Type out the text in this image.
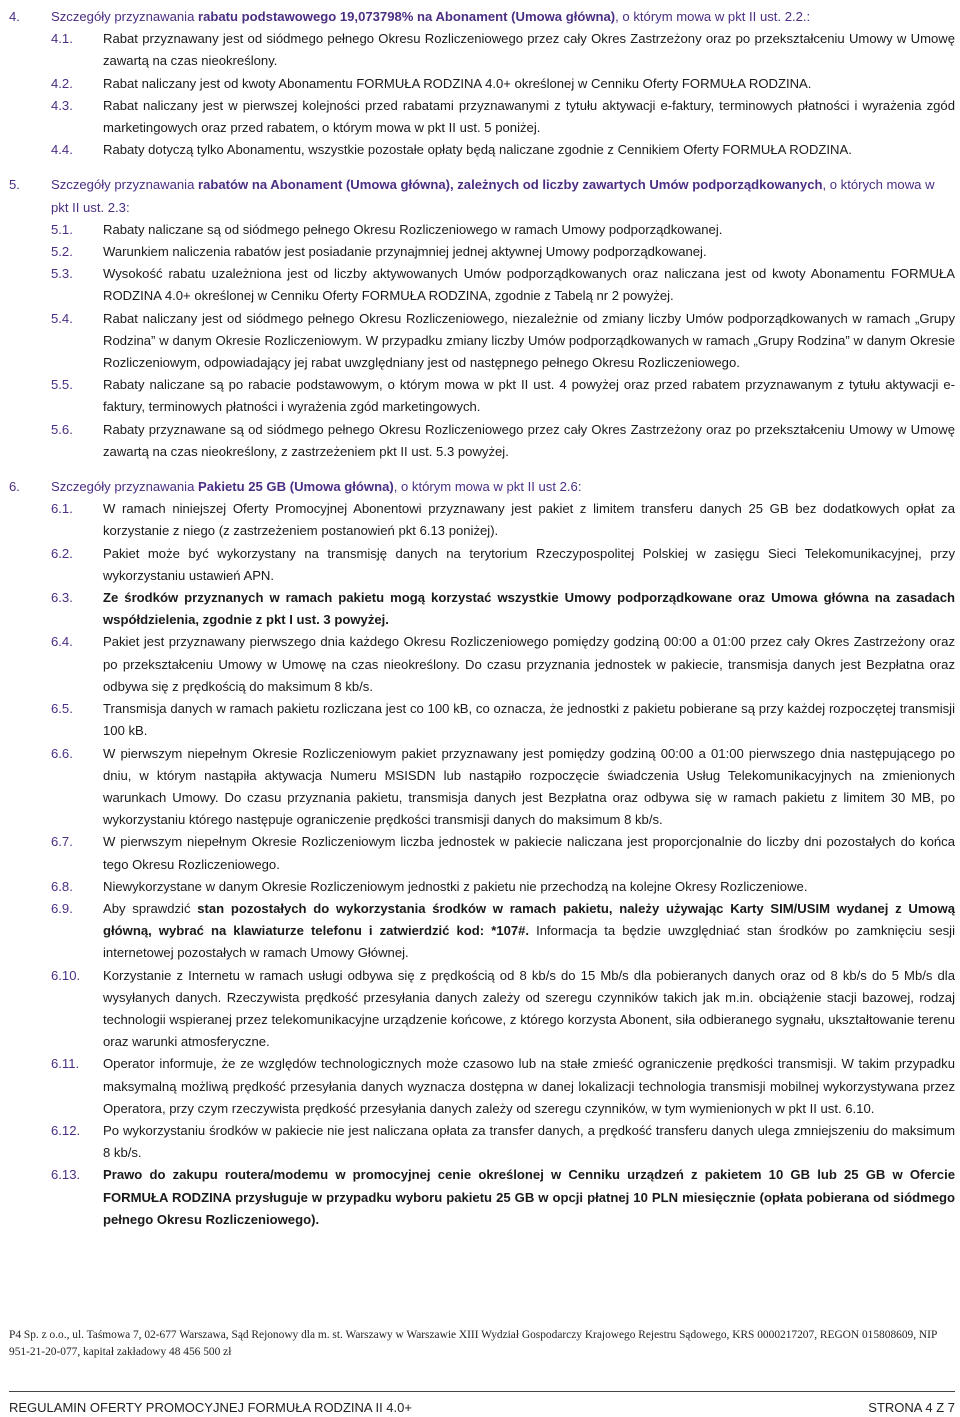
4. Szczegóły przyznawania rabatu podstawowego 19,073798% na Abonament (Umowa główna), o którym mowa w pkt II ust. 2.2.:
4.1. Rabat przyznawany jest od siódmego pełnego Okresu Rozliczeniowego przez cały Okres Zastrzeżony oraz po przekształceniu Umowy w Umowę zawartą na czas nieokreślony.
4.2. Rabat naliczany jest od kwoty Abonamentu FORMUŁA RODZINA 4.0+ określonej w Cenniku Oferty FORMUŁA RODZINA.
4.3. Rabat naliczany jest w pierwszej kolejności przed rabatami przyznawanymi z tytułu aktywacji e-faktury, terminowych płatności i wyrażenia zgód marketingowych oraz przed rabatem, o którym mowa w pkt II ust. 5 poniżej.
4.4. Rabaty dotyczą tylko Abonamentu, wszystkie pozostałe opłaty będą naliczane zgodnie z Cennikiem Oferty FORMUŁA RODZINA.
5. Szczegóły przyznawania rabatów na Abonament (Umowa główna), zależnych od liczby zawartych Umów podporządkowanych, o których mowa w pkt II ust. 2.3:
5.1. Rabaty naliczane są od siódmego pełnego Okresu Rozliczeniowego w ramach Umowy podporządkowanej.
5.2. Warunkiem naliczenia rabatów jest posiadanie przynajmniej jednej aktywnej Umowy podporządkowanej.
5.3. Wysokość rabatu uzależniona jest od liczby aktywowanych Umów podporządkowanych oraz naliczana jest od kwoty Abonamentu FORMUŁA RODZINA 4.0+ określonej w Cenniku Oferty FORMUŁA RODZINA, zgodnie z Tabelą nr 2 powyżej.
5.4. Rabat naliczany jest od siódmego pełnego Okresu Rozliczeniowego, niezależnie od zmiany liczby Umów podporządkowanych w ramach „Grupy Rodzina” w danym Okresie Rozliczeniowym. W przypadku zmiany liczby Umów podporządkowanych w ramach „Grupy Rodzina” w danym Okresie Rozliczeniowym, odpowiadający jej rabat uwzględniany jest od następnego pełnego Okresu Rozliczeniowego.
5.5. Rabaty naliczane są po rabacie podstawowym, o którym mowa w pkt II ust. 4 powyżej oraz przed rabatem przyznawanym z tytułu aktywacji e-faktury, terminowych płatności i wyrażenia zgód marketingowych.
5.6. Rabaty przyznawane są od siódmego pełnego Okresu Rozliczeniowego przez cały Okres Zastrzeżony oraz po przekształceniu Umowy w Umowę zawartą na czas nieokreślony, z zastrzeżeniem pkt II ust. 5.3 powyżej.
6. Szczegóły przyznawania Pakietu 25 GB (Umowa główna), o którym mowa w pkt II ust 2.6:
6.1. W ramach niniejszej Oferty Promocyjnej Abonentowi przyznawany jest pakiet z limitem transferu danych 25 GB bez dodatkowych opłat za korzystanie z niego (z zastrzeżeniem postanowień pkt 6.13 poniżej).
6.2. Pakiet może być wykorzystany na transmisję danych na terytorium Rzeczypospolitej Polskiej w zasięgu Sieci Telekomunikacyjnej, przy wykorzystaniu ustawień APN.
6.3. Ze środków przyznanych w ramach pakietu mogą korzystać wszystkie Umowy podporządkowane oraz Umowa główna na zasadach współdzielenia, zgodnie z pkt I ust. 3 powyżej.
6.4. Pakiet jest przyznawany pierwszego dnia każdego Okresu Rozliczeniowego pomiędzy godziną 00:00 a 01:00 przez cały Okres Zastrzeżony oraz po przekształceniu Umowy w Umowę na czas nieokreślony. Do czasu przyznania jednostek w pakiecie, transmisja danych jest Bezpłatna oraz odbywa się z prędkością do maksimum 8 kb/s.
6.5. Transmisja danych w ramach pakietu rozliczana jest co 100 kB, co oznacza, że jednostki z pakietu pobierane są przy każdej rozpoczętej transmisji 100 kB.
6.6. W pierwszym niepełnym Okresie Rozliczeniowym pakiet przyznawany jest pomiędzy godziną 00:00 a 01:00 pierwszego dnia następującego po dniu, w którym nastąpiła aktywacja Numeru MSISDN lub nastąpiło rozpoczęcie świadczenia Usług Telekomunikacyjnych na zmienionych warunkach Umowy. Do czasu przyznania pakietu, transmisja danych jest Bezpłatna oraz odbywa się w ramach pakietu z limitem 30 MB, po wykorzystaniu którego następuje ograniczenie prędkości transmisji danych do maksimum 8 kb/s.
6.7. W pierwszym niepełnym Okresie Rozliczeniowym liczba jednostek w pakiecie naliczana jest proporcjonalnie do liczby dni pozostałych do końca tego Okresu Rozliczeniowego.
6.8. Niewykorzystane w danym Okresie Rozliczeniowym jednostki z pakietu nie przechodzą na kolejne Okresy Rozliczeniowe.
6.9. Aby sprawdzić stan pozostałych do wykorzystania środków w ramach pakietu, należy używając Karty SIM/USIM wydanej z Umową główną, wybrać na klawiaturze telefonu i zatwierdzić kod: *107#. Informacja ta będzie uwzględniać stan środków po zamknięciu sesji internetowej pozostałych w ramach Umowy Głównej.
6.10. Korzystanie z Internetu w ramach usługi odbywa się z prędkością od 8 kb/s do 15 Mb/s dla pobieranych danych oraz od 8 kb/s do 5 Mb/s dla wysyłanych danych. Rzeczywista prędkość przesyłania danych zależy od szeregu czynników takich jak m.in. obciążenie stacji bazowej, rodzaj technologii wspieranej przez telekomunikacyjne urządzenie końcowe, z którego korzysta Abonent, siła odbieranego sygnału, ukształtowanie terenu oraz warunki atmosferyczne.
6.11. Operator informuje, że ze względów technologicznych może czasowo lub na stałe zmieść ograniczenie prędkości transmisji. W takim przypadku maksymalną możliwą prędkość przesyłania danych wyznacza dostępna w danej lokalizacji technologia transmisji mobilnej wykorzystywana przez Operatora, przy czym rzeczywista prędkość przesyłania danych zależy od szeregu czynników, w tym wymienionych w pkt II ust. 6.10.
6.12. Po wykorzystaniu środków w pakiecie nie jest naliczana opłata za transfer danych, a prędkość transferu danych ulega zmniejszeniu do maksimum 8 kb/s.
6.13. Prawo do zakupu routera/modemu w promocyjnej cenie określonej w Cenniku urządzeń z pakietem 10 GB lub 25 GB w Ofercie FORMUŁA RODZINA przysługuje w przypadku wyboru pakietu 25 GB w opcji płatnej 10 PLN miesięcznie (opłata pobierana od siódmego pełnego Okresu Rozliczeniowego).
P4 Sp. z o.o., ul. Taśmowa 7, 02-677 Warszawa, Sąd Rejonowy dla m. st. Warszawy w Warszawie XIII Wydział Gospodarczy Krajowego Rejestru Sądowego, KRS 0000217207, REGON 015808609, NIP 951-21-20-077, kapitał zakładowy 48 456 500 zł
REGULAMIN OFERTY PROMOCYJNEJ FORMUŁA RODZINA II 4.0+	STRONA 4 Z 7
